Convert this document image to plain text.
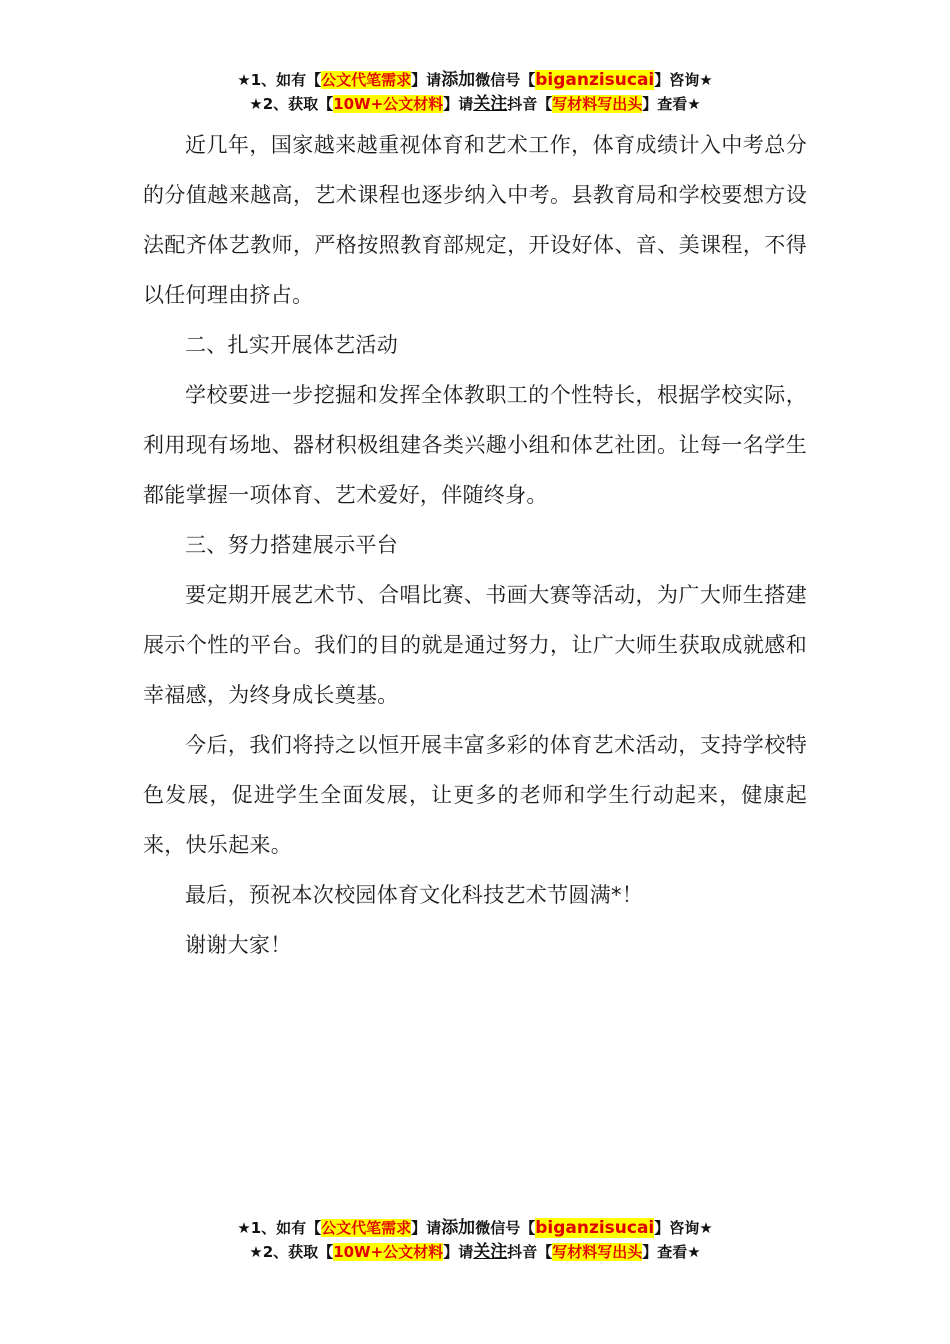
★1、如有【公文代笔需求】请添加微信号【biganzisucai】咨询★
★2、获取【10W+公文材料】请关注抖音【写材料写出头】查看★

近几年，国家越来越重视体育和艺术工作，体育成绩计入中考总分的分值越来越高，艺术课程也逐步纳入中考。县教育局和学校要想方设法配齐体艺教师，严格按照教育部规定，开设好体、音、美课程，不得以任何理由挤占。

二、扎实开展体艺活动

学校要进一步挖掘和发挥全体教职工的个性特长，根据学校实际，利用现有场地、器材积极组建各类兴趣小组和体艺社团。让每一名学生都能掌握一项体育、艺术爱好，伴随终身。

三、努力搭建展示平台

要定期开展艺术节、合唱比赛、书画大赛等活动，为广大师生搭建展示个性的平台。我们的目的就是通过努力，让广大师生获取成就感和幸福感，为终身成长奠基。

今后，我们将持之以恒开展丰富多彩的体育艺术活动，支持学校特色发展，促进学生全面发展，让更多的老师和学生行动起来，健康起来，快乐起来。

最后，预祝本次校园体育文化科技艺术节圆满*！

谢谢大家！

★1、如有【公文代笔需求】请添加微信号【biganzisucai】咨询★
★2、获取【10W+公文材料】请关注抖音【写材料写出头】查看★
